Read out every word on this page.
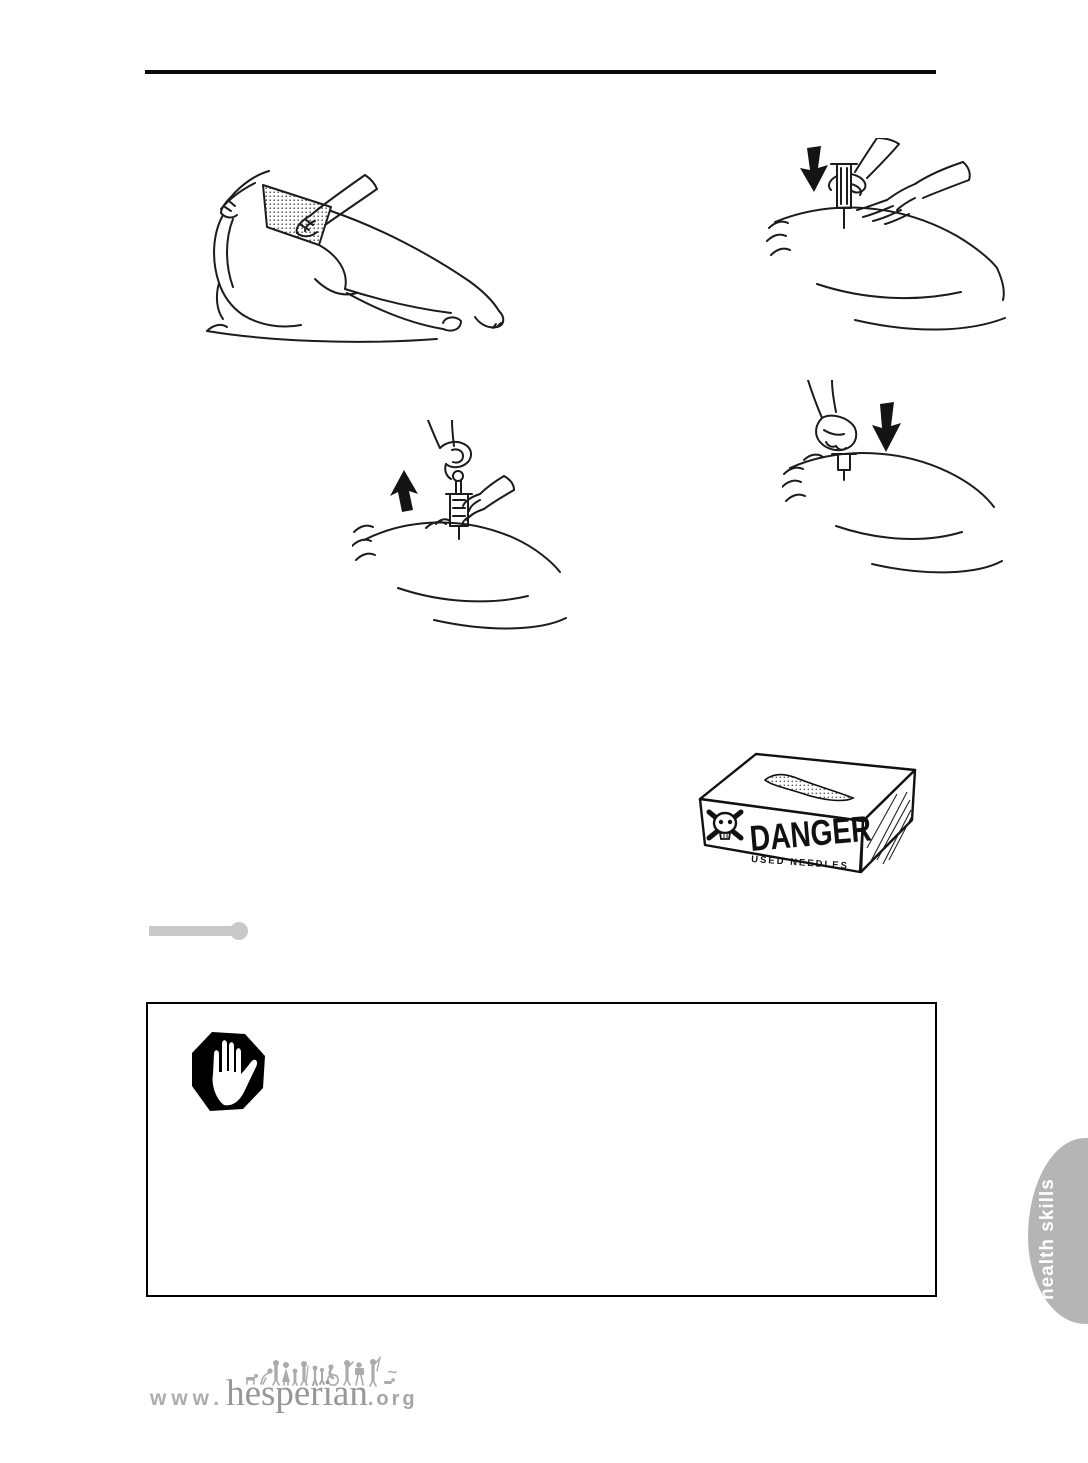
DANGER
USED NEEDLES
health skills
www. hesperian .org
